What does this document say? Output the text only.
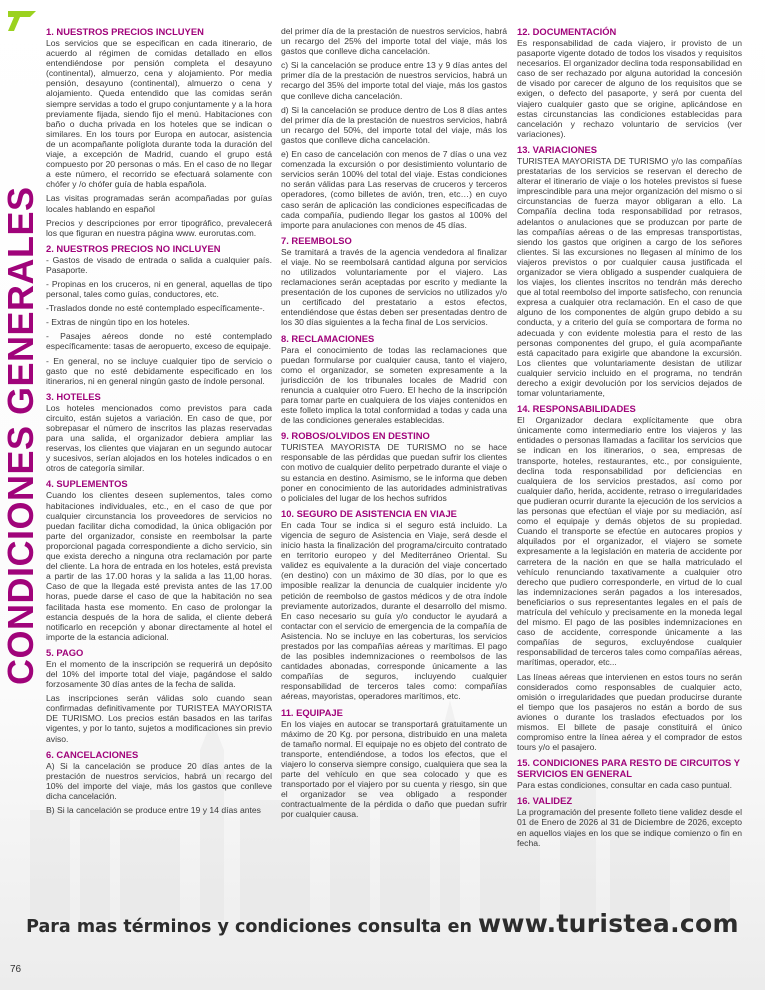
CONDICIONES GENERALES
1. NUESTROS PRECIOS INCLUYEN

Los servicios que se especifican en cada itinerario, de acuerdo al régimen de comidas detallado en ellos entendiéndose por pensión completa el desayuno (continental), almuerzo, cena y alojamiento. Por media pensión, desayuno (continental), almuerzo o cena y alojamiento. Queda entendido que las comidas serán siempre servidas a todo el grupo conjuntamente y a la hora previamente fijada, siendo fijo el menú. Habitaciones con baño o ducha privada en los hoteles que se indican o similares. En los tours por Europa en autocar, asistencia de un acompañante políglota durante toda la duración del viaje, a excepción de Madrid, cuando el grupo está compuesto por 20 personas o más. En el caso de no llegar a este número, el recorrido se efectuará solamente con chófer y /o chófer guía de habla española.

Las visitas programadas serán acompañadas por guías locales hablando en español

Precios y descripciones por error tipográfico, prevalecerá los que figuran en nuestra página www. eurorutas.com.

2. NUESTROS PRECIOS NO INCLUYEN

- Gastos de visado de entrada o salida a cualquier país. Pasaporte.

- Propinas en los cruceros, ni en general, aquellas de tipo personal, tales como guías, conductores, etc.

-Traslados donde no esté contemplado específicamente-.

- Extras de ningún tipo en los hoteles.

- Pasajes aéreos donde no esté contemplado específicamente: tasas de aeropuerto, exceso de equipaje.

- En general, no se incluye cualquier tipo de servicio o gasto que no esté debidamente especificado en los itinerarios, ni en general ningún gasto de índole personal.

3. HOTELES

Los hoteles mencionados como previstos para cada circuito, están sujetos a variación. En caso de que, por sobrepasar el número de inscritos las plazas reservadas para una salida, el organizador debiera ampliar las reservas, los clientes que viajaran en un segundo autocar y sucesivos, serían alojados en los hoteles indicados o en otros de categoría similar.

4. SUPLEMENTOS

Cuando los clientes deseen suplementos, tales como habitaciones individuales, etc., en el caso de que por cualquier circunstancia los proveedores de servicios no puedan facilitar dicha comodidad, la única obligación por parte del organizador, consiste en reembolsar la parte proporcional pagada correspondiente a dicho servicio, sin que exista derecho a ninguna otra reclamación por parte del cliente. La hora de entrada en los hoteles, está prevista a partir de las 17.00 horas y la salida a las 11,00 horas. Caso de que la llegada esté prevista antes de las 17.00 horas, puede darse el caso de que la habitación no sea facilitada hasta ese momento. En caso de prolongar la estancia después de la hora de salida, el cliente deberá notificarlo en recepción y abonar directamente al hotel el importe de la estancia adicional.

5. PAGO

En el momento de la inscripción se requerirá un depósito del 10% del importe total del viaje, pagándose el saldo forzosamente 30 días antes de la fecha de salida.

Las inscripciones serán válidas solo cuando sean confirmadas definitivamente por TURISTEA MAYORISTA DE TURISMO. Los precios están basados en las tarifas vigentes, y por lo tanto, sujetos a modificaciones sin previo aviso.

6. CANCELACIONES

A) Si la cancelación se produce 20 días antes de la prestación de nuestros servicios, habrá un recargo del 10% del importe del viaje, más los gastos que conlleve dicha cancelación.

B) Si la cancelación se produce entre 19 y 14 días antes

del primer día de la prestación de nuestros servicios, habrá un recargo del 25% del importe total del viaje, más los gastos que conlleve dicha cancelación.

c) Si la cancelación se produce entre 13 y 9 días antes del primer día de la prestación de nuestros servicios, habrá un recargo del 35% del importe total del viaje, más los gastos que conlleve dicha cancelación.

d) Si la cancelación se produce dentro de Los 8 días antes del primer día de la prestación de nuestros servicios, habrá un recargo del 50%, del importe total del viaje, más los gastos que conlleve dicha cancelación.

e) En caso de cancelación con menos de 7 días o una vez comenzada la excursión o por desistimiento voluntario de servicios serán 100% del total del viaje. Estas condiciones no serán válidas para Las reservas de cruceros y terceros operadores, (como billetes de avión, tren, etc…) en cuyo caso serán de aplicación las condiciones especificadas de cada compañía, pudiendo llegar los gastos al 100% del importe para anulaciones con menos de 45 días.

7. REEMBOLSO

Se tramitará a través de la agencia vendedora al finalizar el viaje. No se reembolsará cantidad alguna por servicios no utilizados voluntariamente por el viajero. Las reclamaciones serán aceptadas por escrito y mediante la presentación de los cupones de servicios no utilizados y/o un certificado del prestatario a estos efectos, entendiéndose que éstas deben ser presentadas dentro de los 30 días siguientes a la fecha final de Los servicios.

8. RECLAMACIONES

Para el conocimiento de todas las reclamaciones que puedan formularse por cualquier causa, tanto el viajero, como el organizador, se someten expresamente a la jurisdicción de los tribunales locales de Madrid con renuncia a cualquier otro Fuero. El hecho de la inscripción para tomar parte en cualquiera de los viajes contenidos en este folleto implica la total conformidad a todas y cada una de las condiciones generales establecidas.

9. ROBOS/OLVIDOS EN DESTINO

TURISTEA MAYORISTA DE TURISMO no se hace responsable de las pérdidas que puedan sufrir los clientes con motivo de cualquier delito perpetrado durante el viaje o su estancia en destino. Asimismo, se le informa que deben poner en conocimiento de las autoridades administrativas o policiales del lugar de los hechos sufridos

10. SEGURO DE ASISTENCIA EN VIAJE

En cada Tour se indica si el seguro está incluido. La vigencia de seguro de Asistencia en Viaje, será desde el inicio hasta la finalización del programa/circuito contratado en territorio europeo y del Mediterráneo Oriental. Su validez es equivalente a la duración del viaje concertado (en destino) con un máximo de 30 días, por lo que es imposible realizar la denuncia de cualquier incidente y/o petición de reembolso de gastos médicos y de otra índole previamente autorizados, durante el desarrollo del mismo. En caso necesario su guía y/o conductor le ayudará a contactar con el servicio de emergencia de la compañía de Asistencia. No se incluye en las coberturas, los servicios prestados por las compañías aéreas y marítimas. El pago de las posibles indemnizaciones o reembolsos de las cantidades abonadas, corresponde únicamente a las compañías de seguros, incluyendo cualquier responsabilidad de terceros tales como: compañías aéreas, mayoristas, operadores marítimos, etc.

11. EQUIPAJE

En los viajes en autocar se transportará gratuitamente un máximo de 20 Kg. por persona, distribuido en una maleta de tamaño normal. El equipaje no es objeto del contrato de transporte, entendiéndose, a todos los efectos, que el viajero lo conserva siempre consigo, cualquiera que sea la parte del vehículo en que sea colocado y que es transportado por el viajero por su cuenta y riesgo, sin que el organizador se vea obligado a responder contractualmente de la pérdida o daño que puedan sufrir por cualquier causa.

12. DOCUMENTACIÓN

Es responsabilidad de cada viajero, ir provisto de un pasaporte vigente dotado de todos los visados y requisitos necesarios. El organizador declina toda responsabilidad en caso de ser rechazado por alguna autoridad la concesión de visado por carecer de alguno de los requisitos que se exigen, o defecto del pasaporte, y será por cuenta del viajero cualquier gasto que se origine, aplicándose en estas circunstancias las condiciones establecidas para cancelación y rechazo voluntario de servicios (ver variaciones).

13. VARIACIONES

TURISTEA MAYORISTA DE TURISMO y/o las compañías prestatarias de los servicios se reservan el derecho de alterar el itinerario de viaje o los hoteles previstos si fuese imprescindible para una mejor organización del mismo o si circunstancias de fuerza mayor obligaran a ello. La Compañía declina toda responsabilidad por retrasos, adelantos o anulaciones que se produzcan por parte de las compañías aéreas o de las empresas transportistas, siendo los gastos que originen a cargo de los señores clientes. Si las excursiones no llegasen al mínimo de los viajeros previstos o por cualquier causa justificada el organizador se viera obligado a suspender cualquiera de los viajes, los clientes inscritos no tendrán más derecho que al total reembolso del importe satisfecho, con renuncia expresa a cualquier otra reclamación. En el caso de que alguno de los componentes de algún grupo debido a su conducta, y a criterio del guía se comportara de forma no adecuada y con evidente molestia para el resto de las personas componentes del grupo, el guía acompañante está capacitado para exigirle que abandone la excursión. Los clientes que voluntariamente desistan de utilizar cualquier servicio incluido en el programa, no tendrán derecho a exigir devolución por los servicios dejados de tomar voluntariamente,

14. RESPONSABILIDADES

El Organizador declara explícitamente que obra únicamente como intermediario entre los viajeros y las entidades o personas llamadas a facilitar los servicios que se indican en los itinerarios, o sea, empresas de transporte, hoteles, restaurantes, etc., por consiguiente, declina toda responsabilidad por deficiencias en cualquiera de los servicios prestados, así como por cualquier daño, herida, accidente, retraso o irregularidades que pudieran ocurrir durante la ejecución de los servicios a las personas que efectúan el viaje por su mediación, así como el equipaje y demás objetos de su propiedad. Cuando el transporte se efectúe en autocares propios y alquilados por el organizador, el viajero se somete expresamente a la legislación en materia de accidente por carretera de la nación en que se halla matriculado el vehículo renunciando taxativamente a cualquier otro derecho que pudiero corresponderle, en virtud de lo cual las indemnizaciones serán pagados a los interesados, beneficiarios o sus representantes legales en el país de matrícula del vehículo y precisamente en la moneda legal del mismo. El pago de las posibles indemnizaciones en caso de accidente, corresponde únicamente a las compañías de seguros, excluyéndose cualquier responsabilidad de terceros tales como compañías aéreas, marítimas, operador, etc...

Las líneas aéreas que intervienen en estos tours no serán considerados como responsables de cualquier acto, omisión o irregularidades que puedan producirse durante el tiempo que los pasajeros no están a bordo de sus aviones o durante los traslados efectuados por los mismos. El billete de pasaje constituirá el único compromiso entre la línea aérea y el comprador de estos tours y/o el pasajero.

15. CONDICIONES PARA RESTO DE CIRCUITOS Y SERVICIOS EN GENERAL

Para estas condiciones, consultar en cada caso puntual.

16. VALIDEZ

La programación del presente folleto tiene validez desde el 01 de Enero de 2026 al 31 de Diciembre de 2026, excepto en aquellos viajes en los que se indique comienzo o fin en fecha.

Para mas términos y condiciones consulta en www.turistea.com
76
